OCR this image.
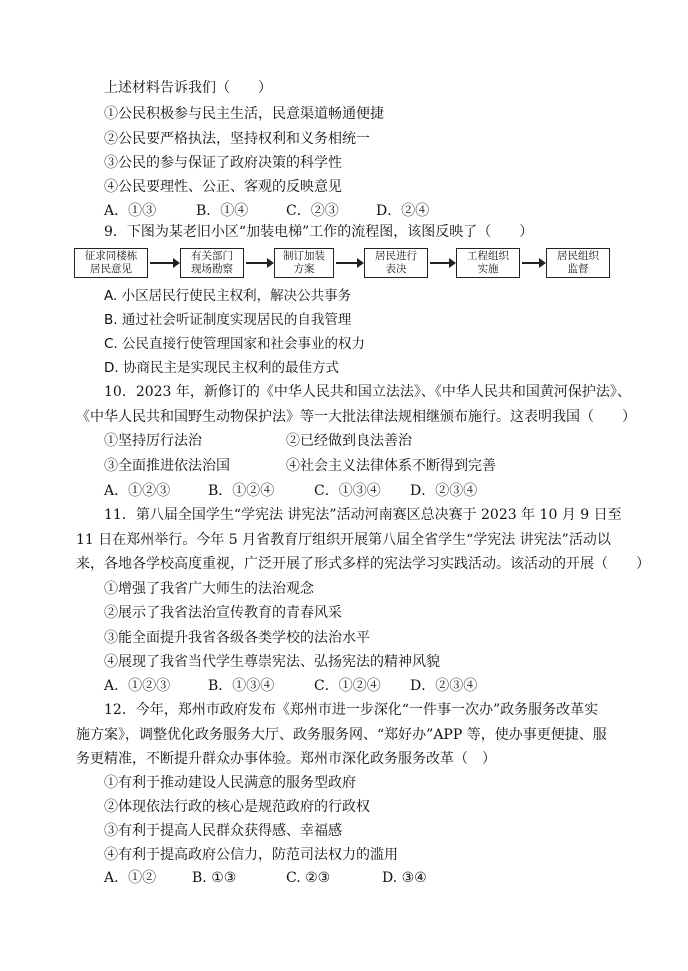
上述材料告诉我们（　　）
①公民积极参与民主生活，民意渠道畅通便捷
②公民要严格执法，坚持权利和义务相统一
③公民的参与保证了政府决策的科学性
④公民要理性、公正、客观的反映意见
A．①③	B．①④	C．②③	D．②④
9．下图为某老旧小区“加装电梯”工作的流程图，该图反映了（　　）
征求同楼栋
居民意见
有关部门
现场勘察
制订加装
方案
居民进行
表决
工程组织
实施
居民组织
监督
A. 小区居民行使民主权利，解决公共事务
B. 通过社会听证制度实现居民的自我管理
C. 公民直接行使管理国家和社会事业的权力
D. 协商民主是实现民主权利的最佳方式
10．2023 年，新修订的《中华人民共和国立法法》、《中华人民共和国黄河保护法》、
《中华人民共和国野生动物保护法》等一大批法律法规相继颁布施行。这表明我国（　　）
①坚持厉行法治	②已经做到良法善治
③全面推进依法治国	④社会主义法律体系不断得到完善
A．①②③	B．①②④	C．①③④ D．②③④
11．第八届全国学生“学宪法 讲宪法”活动河南赛区总决赛于 2023 年 10 月 9 日至
11 日在郑州举行。今年 5 月省教育厅组织开展第八届全省学生“学宪法 讲宪法”活动以
来，各地各学校高度重视，广泛开展了形式多样的宪法学习实践活动。该活动的开展（　　）
①增强了我省广大师生的法治观念
②展示了我省法治宣传教育的青春风采
③能全面提升我省各级各类学校的法治水平
④展现了我省当代学生尊崇宪法、弘扬宪法的精神风貌
A．①②③	B．①③④	C．①②④ D．②③④
12．今年，郑州市政府发布《郑州市进一步深化“一件事一次办”政务服务改革实
施方案》，调整优化政务服务大厅、政务服务网、“郑好办”APP 等，使办事更便捷、服
务更精准，不断提升群众办事体验。郑州市深化政务服务改革（　）
①有利于推动建设人民满意的服务型政府
②体现依法行政的核心是规范政府的行政权
③有利于提高人民群众获得感、幸福感
④有利于提高政府公信力，防范司法权力的滥用
A．①②	B. ①③	C. ②③	D. ③④
